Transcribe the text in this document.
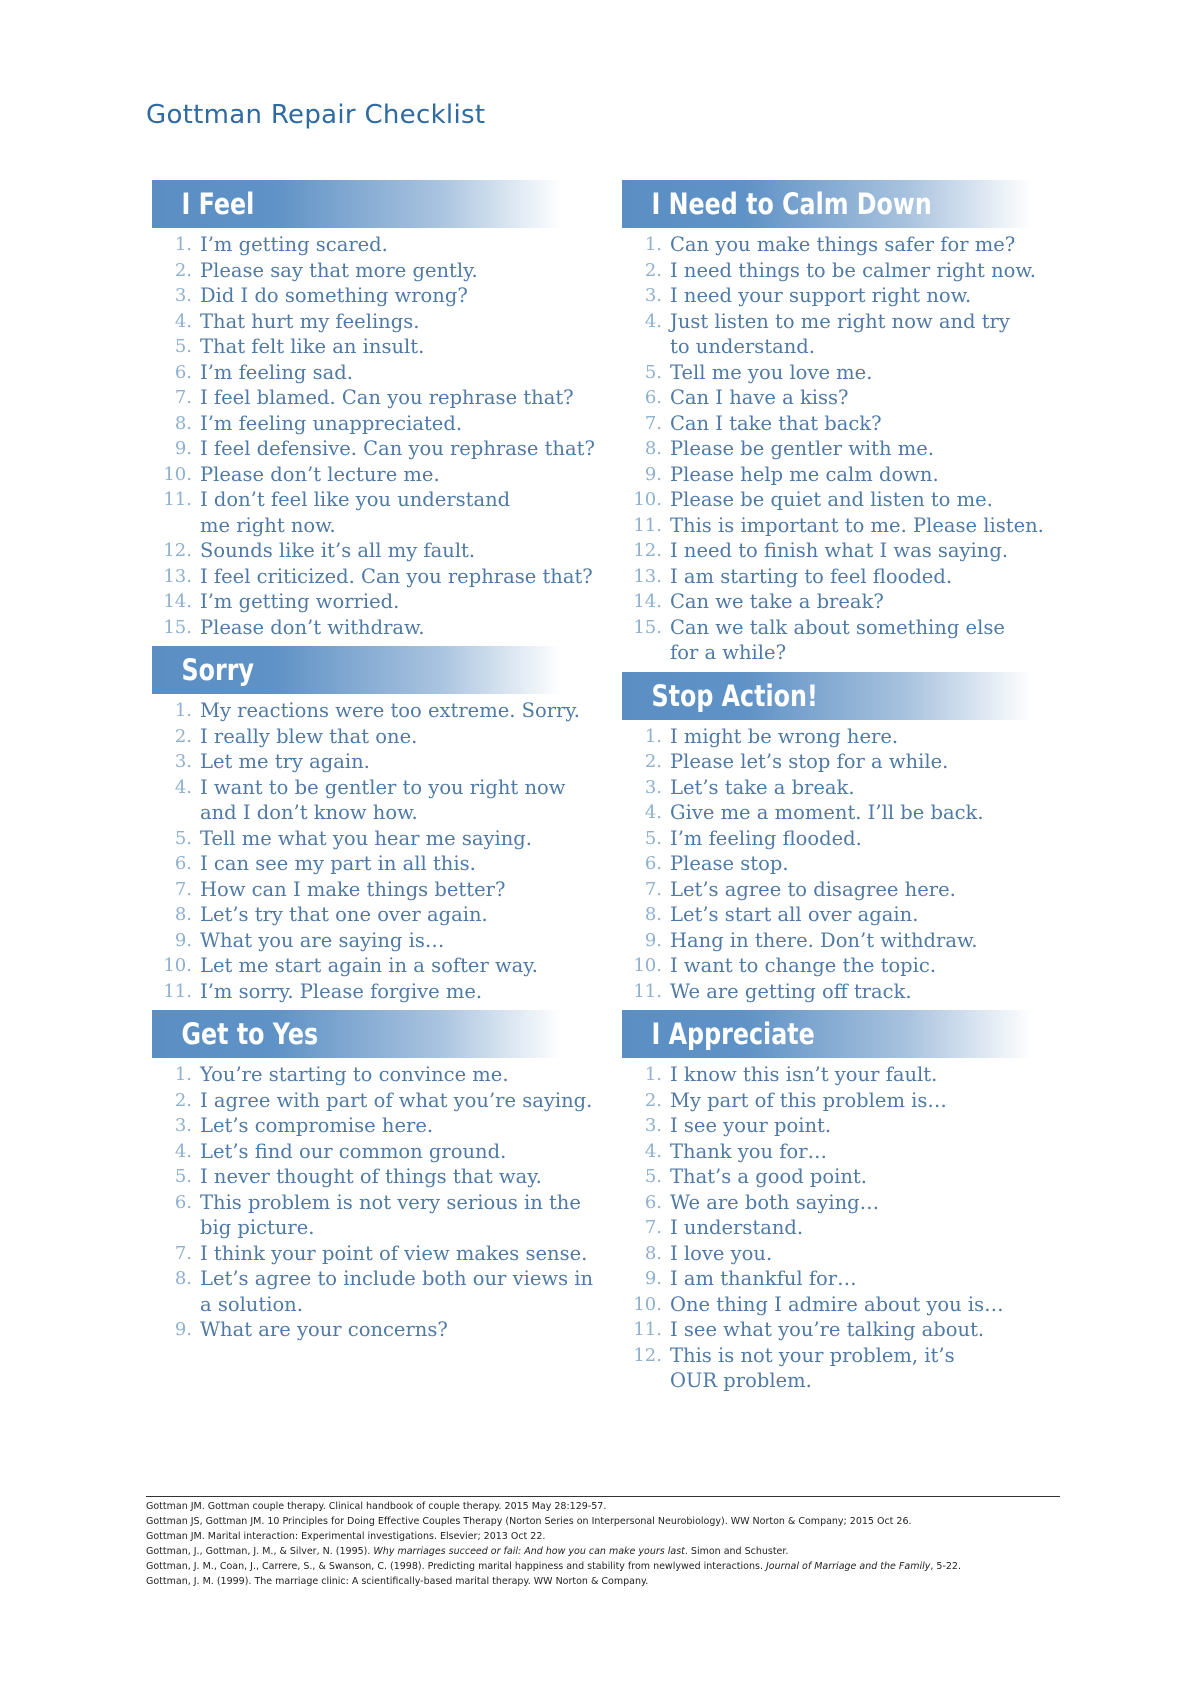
Gottman Repair Checklist
I Feel
1. I’m getting scared.
2. Please say that more gently.
3. Did I do something wrong?
4. That hurt my feelings.
5. That felt like an insult.
6. I’m feeling sad.
7. I feel blamed. Can you rephrase that?
8. I’m feeling unappreciated.
9. I feel defensive. Can you rephrase that?
10. Please don’t lecture me.
11. I don’t feel like you understand
me right now.
12. Sounds like it’s all my fault.
13. I feel criticized. Can you rephrase that?
14. I’m getting worried.
15. Please don’t withdraw.
Sorry
1. My reactions were too extreme. Sorry.
2. I really blew that one.
3. Let me try again.
4. I want to be gentler to you right now
and I don’t know how.
5. Tell me what you hear me saying.
6. I can see my part in all this.
7. How can I make things better?
8. Let’s try that one over again.
9. What you are saying is…
10. Let me start again in a softer way.
11. I’m sorry. Please forgive me.
Get to Yes
1. You’re starting to convince me.
2. I agree with part of what you’re saying.
3. Let’s compromise here.
4. Let’s find our common ground.
5. I never thought of things that way.
6. This problem is not very serious in the
big picture.
7. I think your point of view makes sense.
8. Let’s agree to include both our views in
a solution.
9. What are your concerns?
I Need to Calm Down
1. Can you make things safer for me?
2. I need things to be calmer right now.
3. I need your support right now.
4. Just listen to me right now and try
to understand.
5. Tell me you love me.
6. Can I have a kiss?
7. Can I take that back?
8. Please be gentler with me.
9. Please help me calm down.
10. Please be quiet and listen to me.
11. This is important to me. Please listen.
12. I need to finish what I was saying.
13. I am starting to feel flooded.
14. Can we take a break?
15. Can we talk about something else
for a while?
Stop Action!
1. I might be wrong here.
2. Please let’s stop for a while.
3. Let’s take a break.
4. Give me a moment. I’ll be back.
5. I’m feeling flooded.
6. Please stop.
7. Let’s agree to disagree here.
8. Let’s start all over again.
9. Hang in there. Don’t withdraw.
10. I want to change the topic.
11. We are getting off track.
I Appreciate
1. I know this isn’t your fault.
2. My part of this problem is…
3. I see your point.
4. Thank you for…
5. That’s a good point.
6. We are both saying…
7. I understand.
8. I love you.
9. I am thankful for…
10. One thing I admire about you is…
11. I see what you’re talking about.
12. This is not your problem, it’s
OUR problem.
Gottman JM. Gottman couple therapy. Clinical handbook of couple therapy. 2015 May 28:129-57.
Gottman JS, Gottman JM. 10 Principles for Doing Effective Couples Therapy (Norton Series on Interpersonal Neurobiology). WW Norton & Company; 2015 Oct 26.
Gottman JM. Marital interaction: Experimental investigations. Elsevier; 2013 Oct 22.
Gottman, J., Gottman, J. M., & Silver, N. (1995). Why marriages succeed or fail: And how you can make yours last. Simon and Schuster.
Gottman, J. M., Coan, J., Carrere, S., & Swanson, C. (1998). Predicting marital happiness and stability from newlywed interactions. Journal of Marriage and the Family, 5-22.
Gottman, J. M. (1999). The marriage clinic: A scientifically-based marital therapy. WW Norton & Company.
